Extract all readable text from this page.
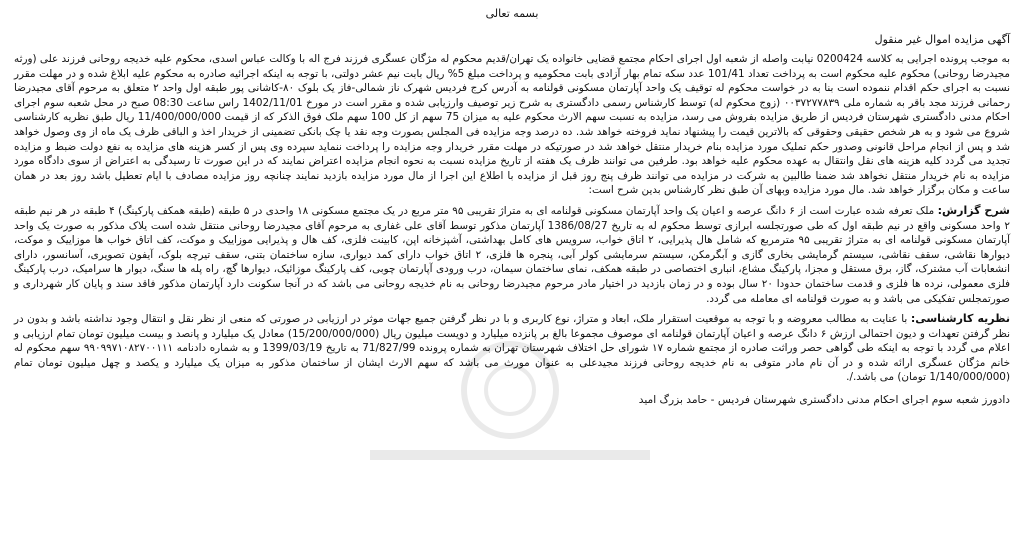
بسمه تعالی
آگهی مزایده اموال غیر منقول

به موجب پرونده اجرایی به کلاسه 0200424 نیابت واصله از شعبه اول اجرای احکام مجتمع قضایی خانواده یک تهران/قدیم محکوم له مژگان عسگری فرزند فرج اله با وکالت عباس اسدی، محکوم علیه خدیجه روحانی فرزند علی (ورثه مجیدرضا روحانی) محکوم علیه محکوم است به پرداخت تعداد 101/41 عدد سکه تمام بهار آزادی بابت محکومیه و پرداخت مبلغ 5% ریال بابت نیم عشر دولتی، با توجه به اینکه اجرائیه صادره به محکوم علیه ابلاغ شده و در مهلت مقرر نسبت به اجرای حکم اقدام ننموده است بنا به در خواست محکوم له توقیف یک واحد آپارتمان مسکونی قولنامه به آدرس کرج فردیس شهرک ناز شمالی-فاز یک بلوک ۸۰-کاشانی پور طبقه اول واحد ۲ متعلق به مرحوم آقای مجیدرضا رحمانی فرزند مجد باقر به شماره ملی ۰۰۳۷۲۷۷۸۳۹ (زوج محکوم له) توسط کارشناس رسمی دادگستری به شرح زیر توصیف وارزیابی شده و مقرر است در مورخ 1402/11/01 راس ساعت 08:30 صبح در محل شعبه سوم اجرای احکام مدنی دادگستری شهرستان فردیس از طریق مزایده بفروش می رسد، مزایده به نسبت سهم الارث محکوم علیه به میزان 75 سهم از کل 100 سهم ملک فوق الذکر که از قیمت 11/400/000/000 ریال طبق نظریه کارشناسی شروع می شود و به هر شخص حقیقی وحقوقی که بالاترین قیمت را پیشنهاد نماید فروخته خواهد شد. ده درصد وجه مزایده فی المجلس بصورت وجه نقد یا چک بانکی تضمینی از خریدار اخذ و الباقی ظرف یک ماه از وی وصول خواهد شد و پس از انجام مراحل قانونی وصدور حکم تملیک مورد مزایده بنام خریدار منتقل خواهد شد در صورتیکه در مهلت مقرر خریدار وجه مزایده را پرداخت ننماید سپرده وی پس از کسر هزینه های مزایده به نفع دولت ضبط و مزایده تجدید می گردد کلیه هزینه های نقل وانتقال به عهده محکوم علیه خواهد بود. طرفین می توانند ظرف یک هفته از تاریخ مزایده نسبت به نحوه انجام مزایده اعتراض نمایند که در این صورت تا رسیدگی به اعتراض از سوی دادگاه مورد مزایده به نام خریدار منتقل نخواهد شد ضمنا طالبین به شرکت در مزایده می توانند ظرف پنج روز قبل از مزایده با اطلاع این اجرا از مال مورد مزایده بازدید نمایند چنانچه روز مزایده مصادف با ایام تعطیل باشد روز بعد در همان ساعت و مکان برگزار خواهد شد. مال مورد مزایده وبهای آن طبق نظر کارشناس بدین شرح است:

شرح گزارش: ملک تعرفه شده عبارت است از ۶ دانگ عرصه و اعیان یک واحد آپارتمان مسکونی قولنامه ای به متراژ تقریبی ۹۵ متر مربع در یک مجتمع مسکونی ۱۸ واحدی در ۵ طبقه (طبقه همکف پارکینگ) ۴ طبقه در هر نیم طبقه ۲ واحد مسکونی واقع در نیم طبقه اول که طی صورتجلسه ابرازی توسط محکوم له به تاریخ 1386/08/27 آپارتمان مذکور توسط آقای علی غفاری به مرحوم آقای مجیدرضا روحانی منتقل شده است یلاک مذکور به صورت یک واحد آپارتمان مسکونی قولنامه ای به متراژ تقریبی ۹۵ مترمربع که شامل هال پذیرایی، ۲ اتاق خواب، سرویس های کامل بهداشتی، آشپزخانه اپن، کابینت فلزی، کف هال و پذیرایی موزاییک و موکت، کف اتاق خواب ها موزاییک و موکت، دیوارها نقاشی، سقف نقاشی، سیستم گرمایشی بخاری گازی و آبگرمکن، سیستم سرمایشی کولر آبی، پنجره ها فلزی، ۲ اتاق خواب دارای کمد دیواری، سازه ساختمان بتنی، سقف تیرچه بلوک، آیفون تصویری، آسانسور، دارای انشعابات آب مشترک، گاز، برق مستقل و مجزا، پارکینگ مشاع، انباری اختصاصی در طبقه همکف، نمای ساختمان سیمان، درب ورودی آپارتمان چوبی، کف پارکینگ موزائیک، دیوارها گچ، راه پله ها سنگ، دیوار ها سرامیک، درب پارکینگ فلزی معمولی، نرده ها فلزی و قدمت ساختمان حدودا ۲۰ سال بوده و در زمان بازدید در اختیار مادر مرحوم مجیدرضا روحانی به نام خدیجه روحانی می باشد که در آنجا سکونت دارد آپارتمان مذکور فاقد سند و پایان کار شهرداری و صورتمجلس تفکیکی می باشد و به صورت قولنامه ای معامله می گردد.

نظریه کارشناسی: با عنایت به مطالب معروضه و با توجه به موقعیت استقرار ملک، ابعاد و متراژ، نوع کاربری و با در نظر گرفتن جمیع جهات موثر در ارزیابی در صورتی که منعی از نظر نقل و انتقال وجود نداشته باشد و بدون در نظر گرفتن تعهدات و دیون احتمالی ارزش ۶ دانگ عرصه و اعیان آپارتمان قولنامه ای موصوف مجموعا بالغ بر پانزده میلیارد و دویست میلیون ریال (15/200/000/000) معادل یک میلیارد و پانصد و بیست میلیون تومان تمام ارزیابی و اعلام می گردد با توجه به اینکه طی گواهی حصر وراثت صادره از مجتمع شماره ۱۷ شورای حل اختلاف شهرستان تهران به شماره پرونده 71/827/99 به تاریخ 1399/03/19 و به شماره دادنامه ۹۹۰۹۹۷۱۰۸۲۷۰۰۱۱۱ سهم محکوم له خانم مژگان عسگری ارائه شده و در آن نام مادر متوفی به نام خدیجه روحانی فرزند مجیدعلی به عنوان مورث می باشد که سهم الارث ایشان از ساختمان مذکور به میزان یک میلیارد و یکصد و چهل میلیون تومان تمام (1/140/000/000 تومان) می باشد./.

دادورز شعبه سوم اجرای احکام مدنی دادگستری شهرستان فردیس - حامد بزرگ امید
